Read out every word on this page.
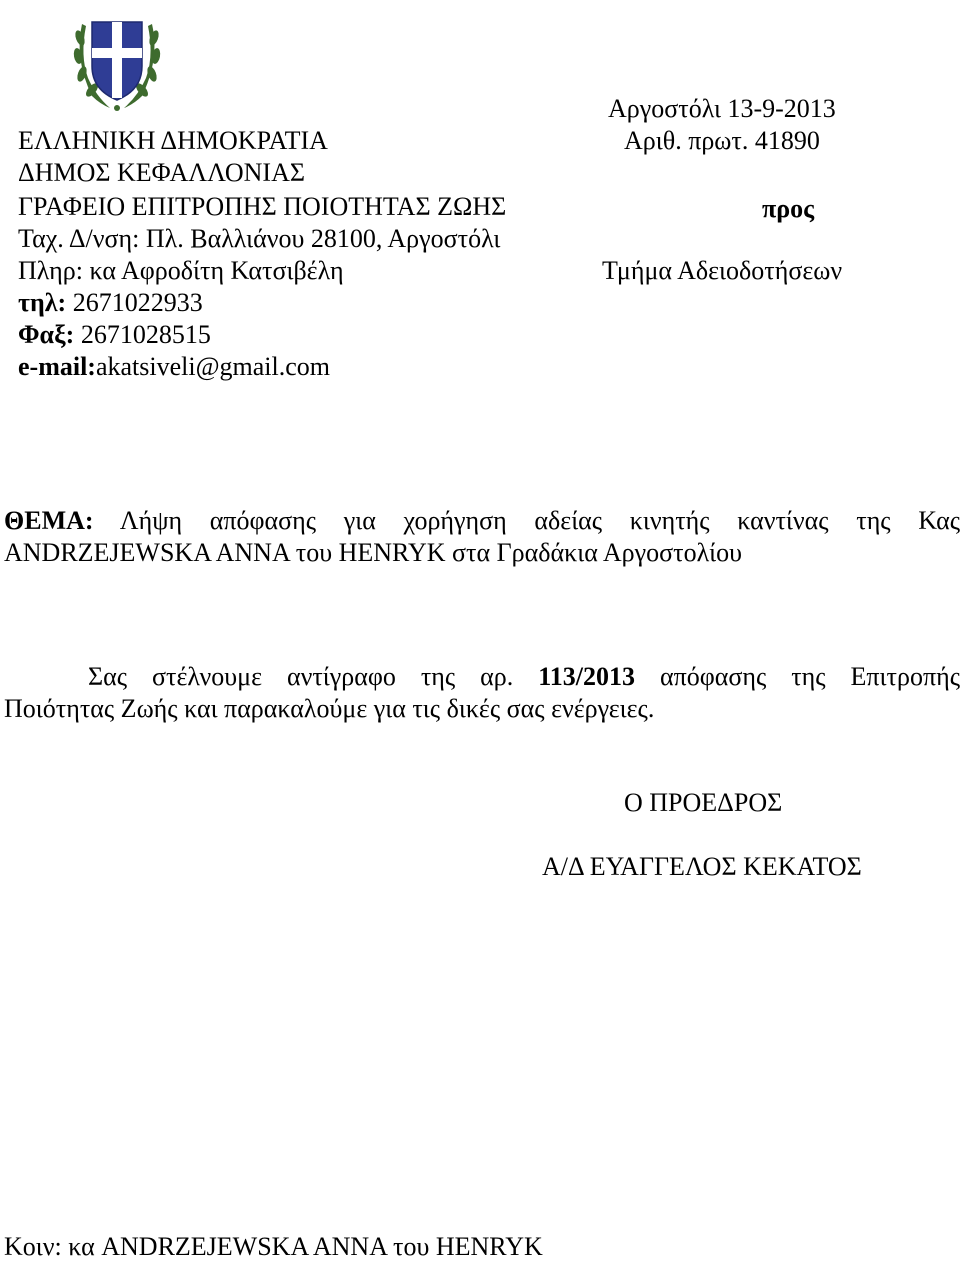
Αργοστόλι 13-9-2013
Αριθ. πρωτ. 41890
προς
Τμήμα Αδειοδοτήσεων
ΕΛΛΗΝΙΚΗ ΔΗΜΟΚΡΑΤΙΑ
ΔΗΜΟΣ ΚΕΦΑΛΛΟΝΙΑΣ
ΓΡΑΦΕΙΟ ΕΠΙΤΡΟΠΗΣ ΠΟΙΟΤΗΤΑΣ ΖΩΗΣ
Ταχ. Δ/νση: Πλ. Βαλλιάνου 28100, Αργοστόλι
Πληρ: κα Αφροδίτη Κατσιβέλη
τηλ: 2671022933
Φαξ: 2671028515
e-mail:akatsiveli@gmail.com
ΘΕΜΑ: Λήψη απόφασης για χορήγηση αδείας κινητής καντίνας της Κας
ANDRZEJEWSKA ANNA του HENRYK στα Γραδάκια Αργοστολίου
Σας στέλνουμε αντίγραφο της αρ. 113/2013 απόφασης της Επιτροπής
Ποιότητας Ζωής και παρακαλούμε για τις δικές σας ενέργειες.
Ο ΠΡΟΕΔΡΟΣ
Α/Δ ΕΥΑΓΓΕΛΟΣ ΚΕΚΑΤΟΣ
Κοιν: κα ANDRZEJEWSKA ANNA του HENRYK
